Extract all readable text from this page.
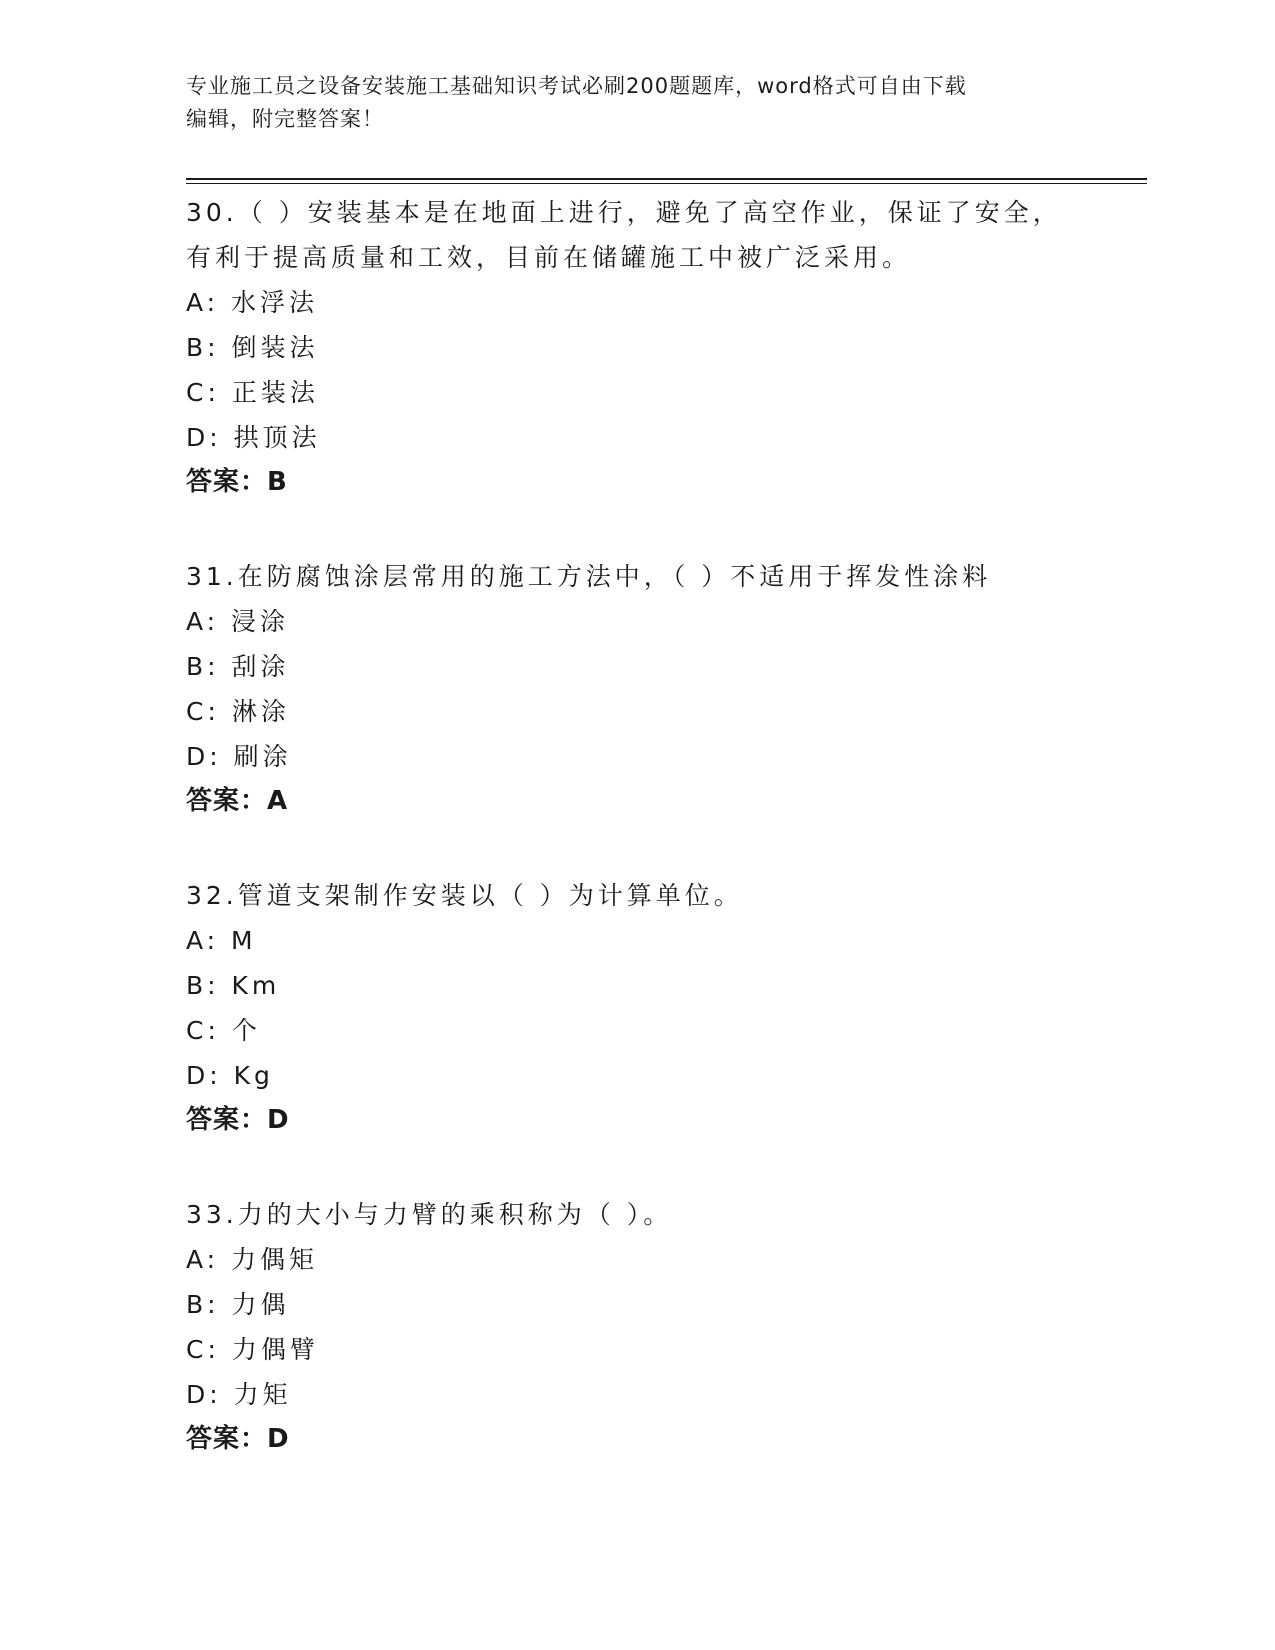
专业施工员之设备安装施工基础知识考试必刷200题题库，word格式可自由下载
编辑，附完整答案！

30.（ ）安装基本是在地面上进行，避免了高空作业，保证了安全，

有利于提高质量和工效，目前在储罐施工中被广泛采用。

A: 水浮法

B: 倒装法

C: 正装法

D: 拱顶法

答案：B

31.在防腐蚀涂层常用的施工方法中，（ ）不适用于挥发性涂料

A: 浸涂

B: 刮涂

C: 淋涂

D: 刷涂

答案：A

32.管道支架制作安装以（ ）为计算单位。

A: M

B: Km

C: 个

D: Kg

答案：D

33.力的大小与力臂的乘积称为（ ）。

A: 力偶矩

B: 力偶

C: 力偶臂

D: 力矩

答案：D
